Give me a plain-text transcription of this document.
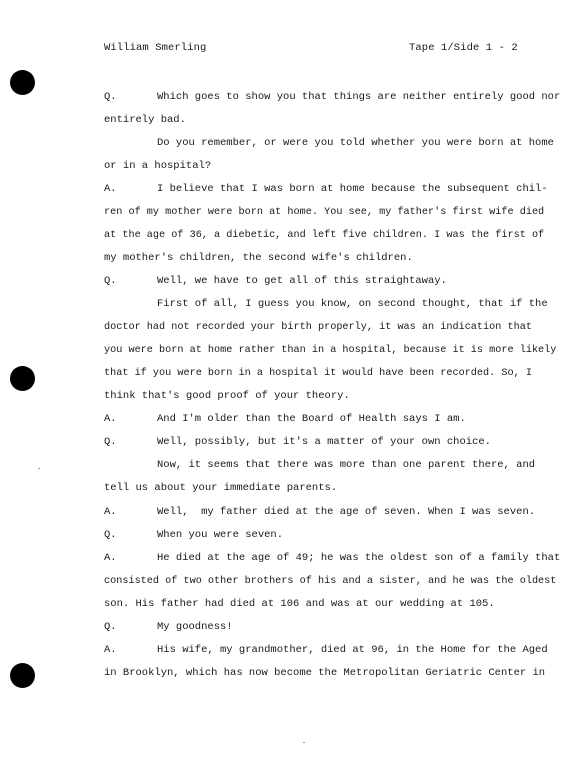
William Smerling	Tape 1/Side 1 - 2
Q.	Which goes to show you that things are neither entirely good nor
entirely bad.
Do you remember, or were you told whether you were born at home
or in a hospital?
A.	I believe that I was born at home because the subsequent chil-
ren of my mother were born at home. You see, my father's first wife died
at the age of 36, a diebetic, and left five children. I was the first of
my mother's children, the second wife's children.
Q.	Well, we have to get all of this straightaway.
First of all, I guess you know, on second thought, that if the
doctor had not recorded your birth properly, it was an indication that
you were born at home rather than in a hospital, because it is more likely
that if you were born in a hospital it would have been recorded. So, I
think that's good proof of your theory.
A.	And I'm older than the Board of Health says I am.
Q.	Well, possibly, but it's a matter of your own choice.
Now, it seems that there was more than one parent there, and
tell us about your immediate parents.
A.	Well,  my father died at the age of seven. When I was seven.
Q.	When you were seven.
A.	He died at the age of 49; he was the oldest son of a family that
consisted of two other brothers of his and a sister, and he was the oldest
son. His father had died at 106 and was at our wedding at 105.
Q.	My goodness!
A.	His wife, my grandmother, died at 96, in the Home for the Aged
in Brooklyn, which has now become the Metropolitan Geriatric Center in
